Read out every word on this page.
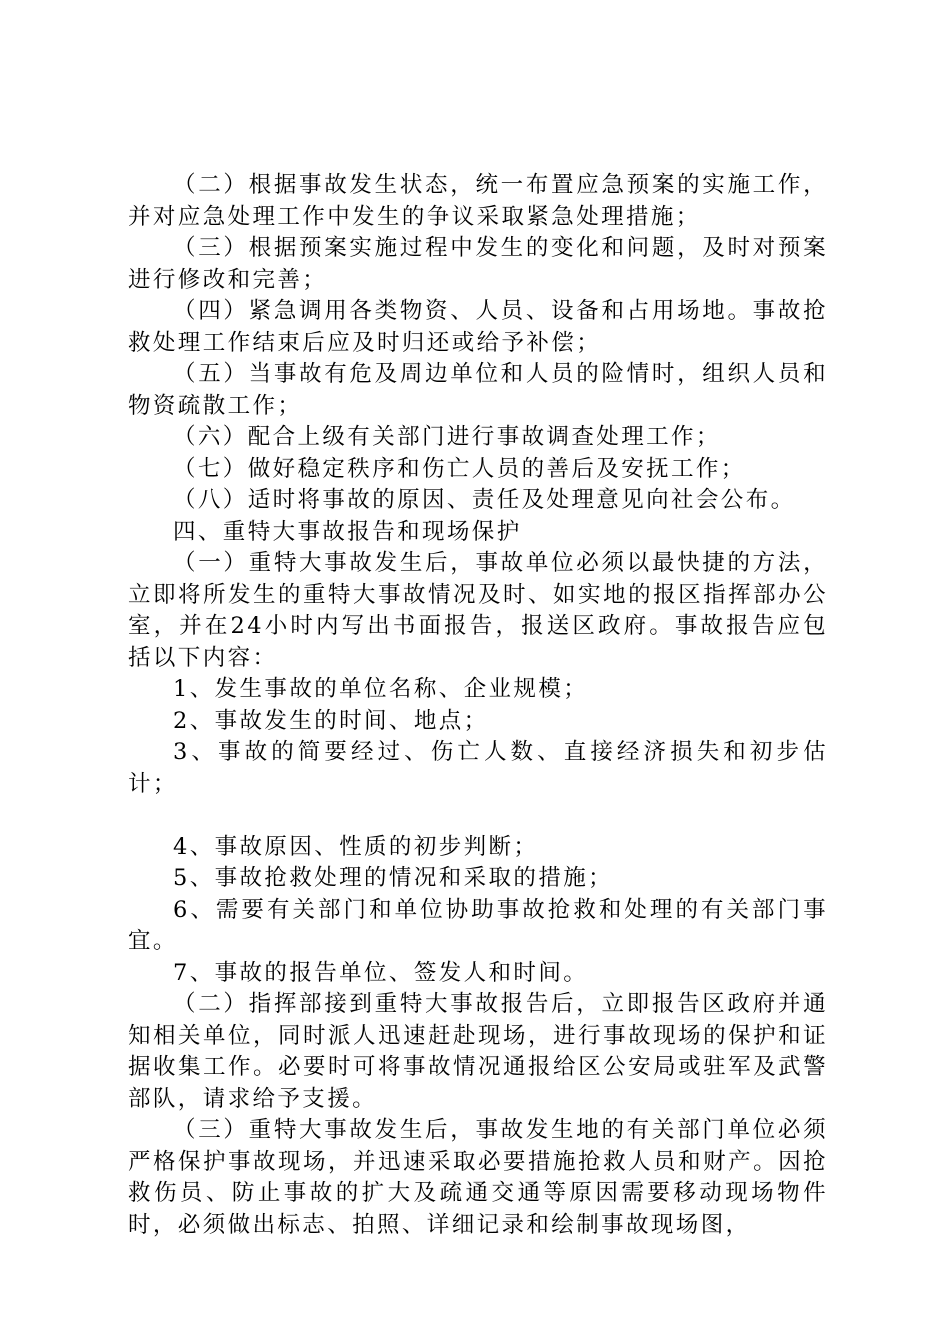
（二）根据事故发生状态，统一布置应急预案的实施工作，并对应急处理工作中发生的争议采取紧急处理措施；

（三）根据预案实施过程中发生的变化和问题，及时对预案进行修改和完善；

（四）紧急调用各类物资、人员、设备和占用场地。事故抢救处理工作结束后应及时归还或给予补偿；

（五）当事故有危及周边单位和人员的险情时，组织人员和物资疏散工作；

（六）配合上级有关部门进行事故调查处理工作；

（七）做好稳定秩序和伤亡人员的善后及安抚工作；

（八）适时将事故的原因、责任及处理意见向社会公布。

四、重特大事故报告和现场保护

（一）重特大事故发生后，事故单位必须以最快捷的方法，立即将所发生的重特大事故情况及时、如实地的报区指挥部办公室，并在24小时内写出书面报告，报送区政府。事故报告应包括以下内容：

1、发生事故的单位名称、企业规模；

2、事故发生的时间、地点；

3、事故的简要经过、伤亡人数、直接经济损失和初步估计；

4、事故原因、性质的初步判断；

5、事故抢救处理的情况和采取的措施；

6、需要有关部门和单位协助事故抢救和处理的有关部门事宜。

7、事故的报告单位、签发人和时间。

（二）指挥部接到重特大事故报告后，立即报告区政府并通知相关单位，同时派人迅速赶赴现场，进行事故现场的保护和证据收集工作。必要时可将事故情况通报给区公安局或驻军及武警部队，请求给予支援。

（三）重特大事故发生后，事故发生地的有关部门单位必须严格保护事故现场，并迅速采取必要措施抢救人员和财产。因抢救伤员、防止事故的扩大及疏通交通等原因需要移动现场物件时，必须做出标志、拍照、详细记录和绘制事故现场图，
